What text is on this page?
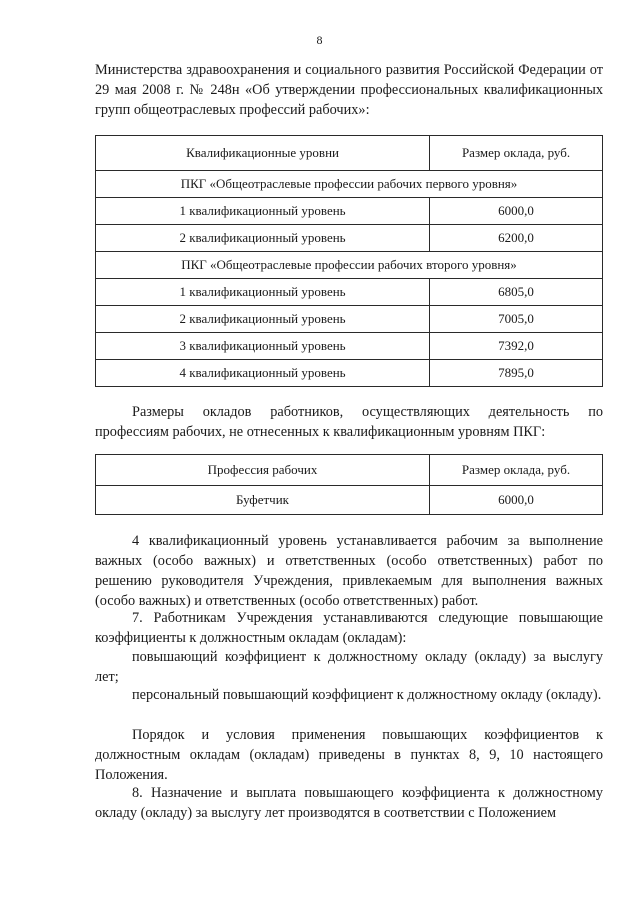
8

Министерства здравоохранения и социального развития Российской Федерации от 29 мая 2008 г. № 248н «Об утверждении профессиональных квалификационных групп общеотраслевых профессий рабочих»:

Квалификационные уровни	Размер оклада, руб.
ПКГ «Общеотраслевые профессии рабочих первого уровня»	
1 квалификационный уровень	6000,0
2 квалификационный уровень	6200,0
ПКГ «Общеотраслевые профессии рабочих второго уровня»	
1 квалификационный уровень	6805,0
2 квалификационный уровень	7005,0
3 квалификационный уровень	7392,0
4 квалификационный уровень	7895,0

Размеры окладов работников, осуществляющих деятельность по профессиям рабочих, не отнесенных к квалификационным уровням ПКГ:

Профессия рабочих	Размер оклада, руб.
Буфетчик	6000,0

4 квалификационный уровень устанавливается рабочим за выполнение важных (особо важных) и ответственных (особо ответственных) работ по решению руководителя Учреждения, привлекаемым для выполнения важных (особо важных) и ответственных (особо ответственных) работ.

7. Работникам Учреждения устанавливаются следующие повышающие коэффициенты к должностным окладам (окладам):

повышающий коэффициент к должностному окладу (окладу) за выслугу лет;

персональный повышающий коэффициент к должностному окладу (окладу).

Порядок и условия применения повышающих коэффициентов к должностным окладам (окладам) приведены в пунктах 8, 9, 10 настоящего Положения.

8. Назначение и выплата повышающего коэффициента к должностному окладу (окладу) за выслугу лет производятся в соответствии с Положением
